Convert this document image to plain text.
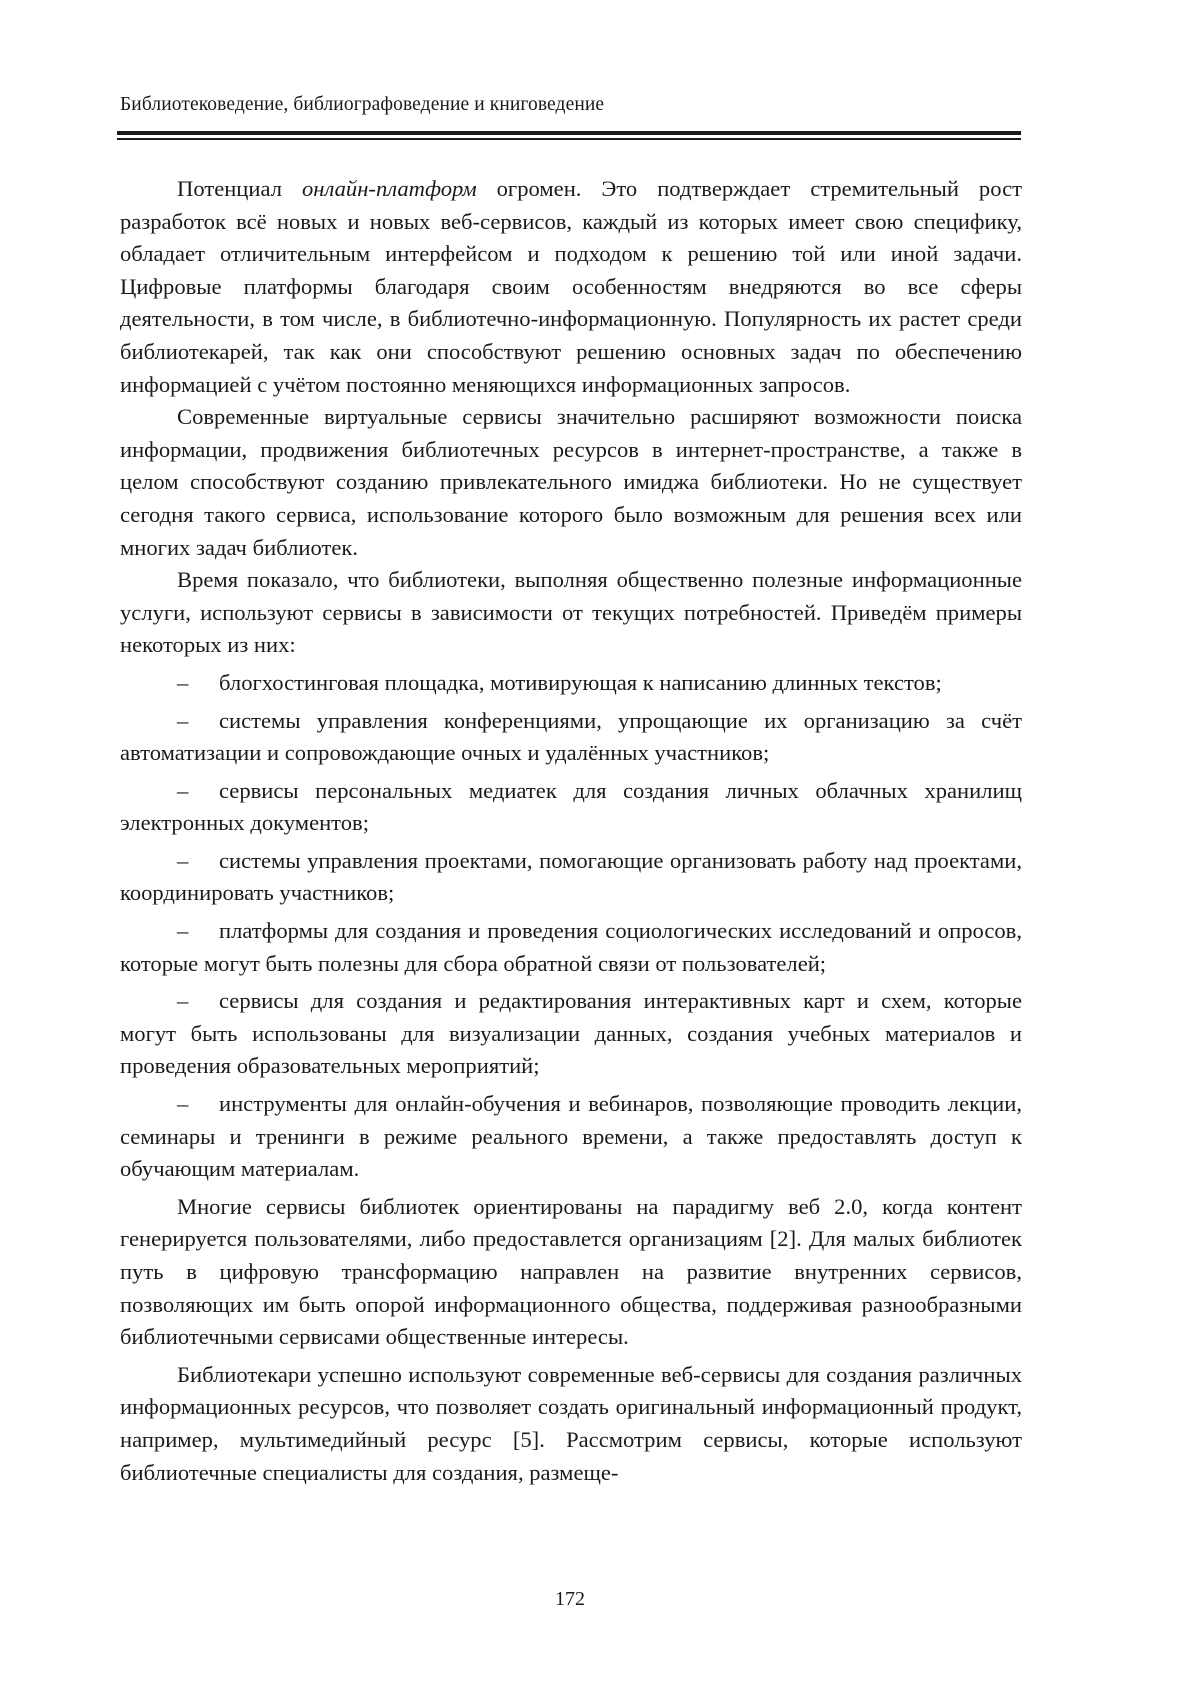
Библиотековедение, библиографоведение и книговедение

Потенциал онлайн-платформ огромен. Это подтверждает стремительный рост разработок всё новых и новых веб-сервисов, каждый из которых имеет свою специфику, обладает отличительным интерфейсом и подходом к решению той или иной задачи. Цифровые платформы благодаря своим особенностям внедряются во все сферы деятельности, в том числе, в библиотечно-информационную. Популярность их растет среди библиотекарей, так как они способствуют решению основных задач по обеспечению информацией с учётом постоянно меняющихся информационных запросов.

Современные виртуальные сервисы значительно расширяют возможности поиска информации, продвижения библиотечных ресурсов в интернет-пространстве, а также в целом способствуют созданию привлекательного имиджа библиотеки. Но не существует сегодня такого сервиса, использование которого было возможным для решения всех или многих задач библиотек.

Время показало, что библиотеки, выполняя общественно полезные информационные услуги, используют сервисы в зависимости от текущих потребностей. Приведём примеры некоторых из них:

– блогхостинговая площадка, мотивирующая к написанию длинных текстов;

– системы управления конференциями, упрощающие их организацию за счёт автоматизации и сопровождающие очных и удалённых участников;

– сервисы персональных медиатек для создания личных облачных хранилищ электронных документов;

– системы управления проектами, помогающие организовать работу над проектами, координировать участников;

– платформы для создания и проведения социологических исследований и опросов, которые могут быть полезны для сбора обратной связи от пользователей;

– сервисы для создания и редактирования интерактивных карт и схем, которые могут быть использованы для визуализации данных, создания учебных материалов и проведения образовательных мероприятий;

– инструменты для онлайн-обучения и вебинаров, позволяющие проводить лекции, семинары и тренинги в режиме реального времени, а также предоставлять доступ к обучающим материалам.

Многие сервисы библиотек ориентированы на парадигму веб 2.0, когда контент генерируется пользователями, либо предоставлется организациям [2]. Для малых библиотек путь в цифровую трансформацию направлен на развитие внутренних сервисов, позволяющих им быть опорой информационного общества, поддерживая разнообразными библиотечными сервисами общественные интересы.

Библиотекари успешно используют современные веб-сервисы для создания различных информационных ресурсов, что позволяет создать оригинальный информационный продукт, например, мультимедийный ресурс [5]. Рассмотрим сервисы, которые используют библиотечные специалисты для создания, размеще-

172
